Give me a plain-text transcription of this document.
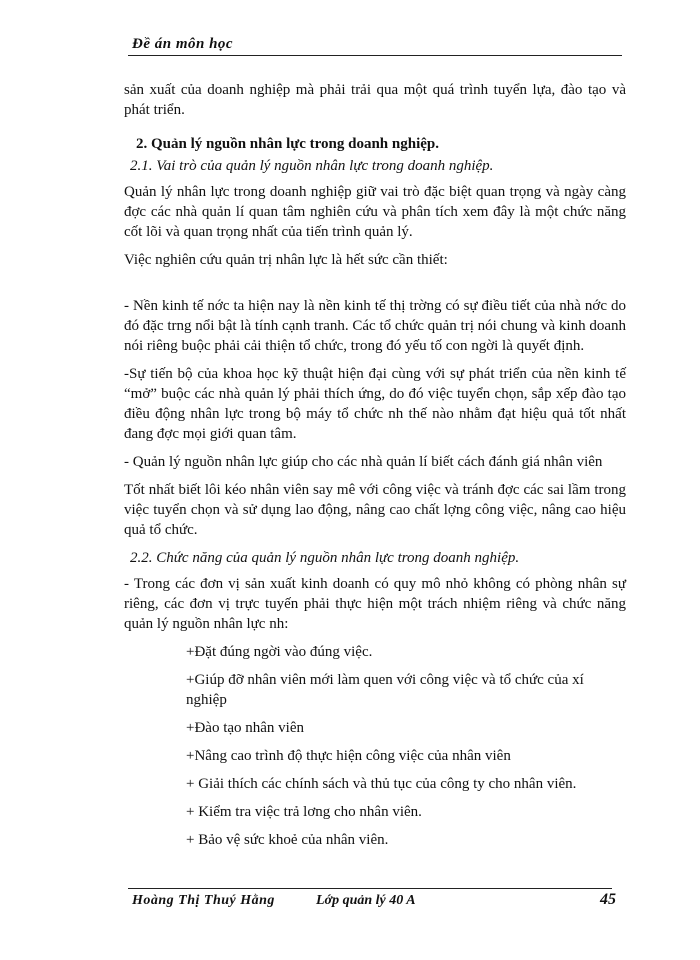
Đề án môn học

sản xuất của doanh nghiệp mà phải trải qua một quá trình tuyển lựa, đào tạo và phát triển.

2. Quản lý nguồn nhân lực trong doanh nghiệp.
2.1. Vai trò của quản lý nguồn nhân lực trong doanh nghiệp.

Quản lý nhân lực trong doanh nghiệp giữ vai trò đặc biệt quan trọng và ngày càng đợc các nhà quản lí quan tâm nghiên cứu và phân tích xem đây là một chức năng cốt lõi và quan trọng nhất của tiến trình quản lý.

Việc nghiên cứu quản trị nhân lực là hết sức cần thiết:

- Nền kinh tế nớc ta hiện nay là nền kinh tế thị trờng có sự điều tiết của nhà nớc do đó đặc trng nổi bật là tính cạnh tranh. Các tổ chức quản trị nói chung và kinh doanh nói riêng buộc phải cải thiện tổ chức, trong đó yếu tố con ngời là quyết định.

-Sự tiến bộ của khoa học kỹ thuật hiện đại cùng với sự phát triển của nền kinh tế “mở” buộc các nhà quản lý phải thích ứng, do đó việc tuyển chọn, sắp xếp đào tạo điều động nhân lực trong bộ máy tổ chức nh thế nào nhằm đạt hiệu quả tốt nhất đang đợc mọi giới quan tâm.

- Quản lý nguồn nhân lực giúp cho các nhà quản lí biết cách đánh giá nhân viên

Tốt nhất biết lôi kéo nhân viên say mê với công việc và tránh đợc các sai lầm trong việc tuyển chọn và sử dụng lao động, nâng cao chất lợng công việc, nâng cao hiệu quả tổ chức.

2.2. Chức năng của quản lý nguồn nhân lực trong doanh nghiệp.

- Trong các đơn vị sản xuất kinh doanh có quy mô nhỏ không có phòng nhân sự riêng, các đơn vị trực tuyến phải thực hiện một trách nhiệm riêng và chức năng quản lý nguồn nhân lực nh:

+Đặt đúng ngời vào đúng việc.
+Giúp đỡ nhân viên mới làm quen với công việc và tổ chức của xí nghiệp
+Đào tạo nhân viên
+Nâng cao trình độ thực hiện công việc của nhân viên
+ Giải thích các chính sách và thủ tục của công ty cho nhân viên.
+ Kiểm tra việc trả lơng cho nhân viên.
+ Bảo vệ sức khoẻ của nhân viên.
Hoàng Thị Thuý Hằng	Lớp quản lý 40 A	45
